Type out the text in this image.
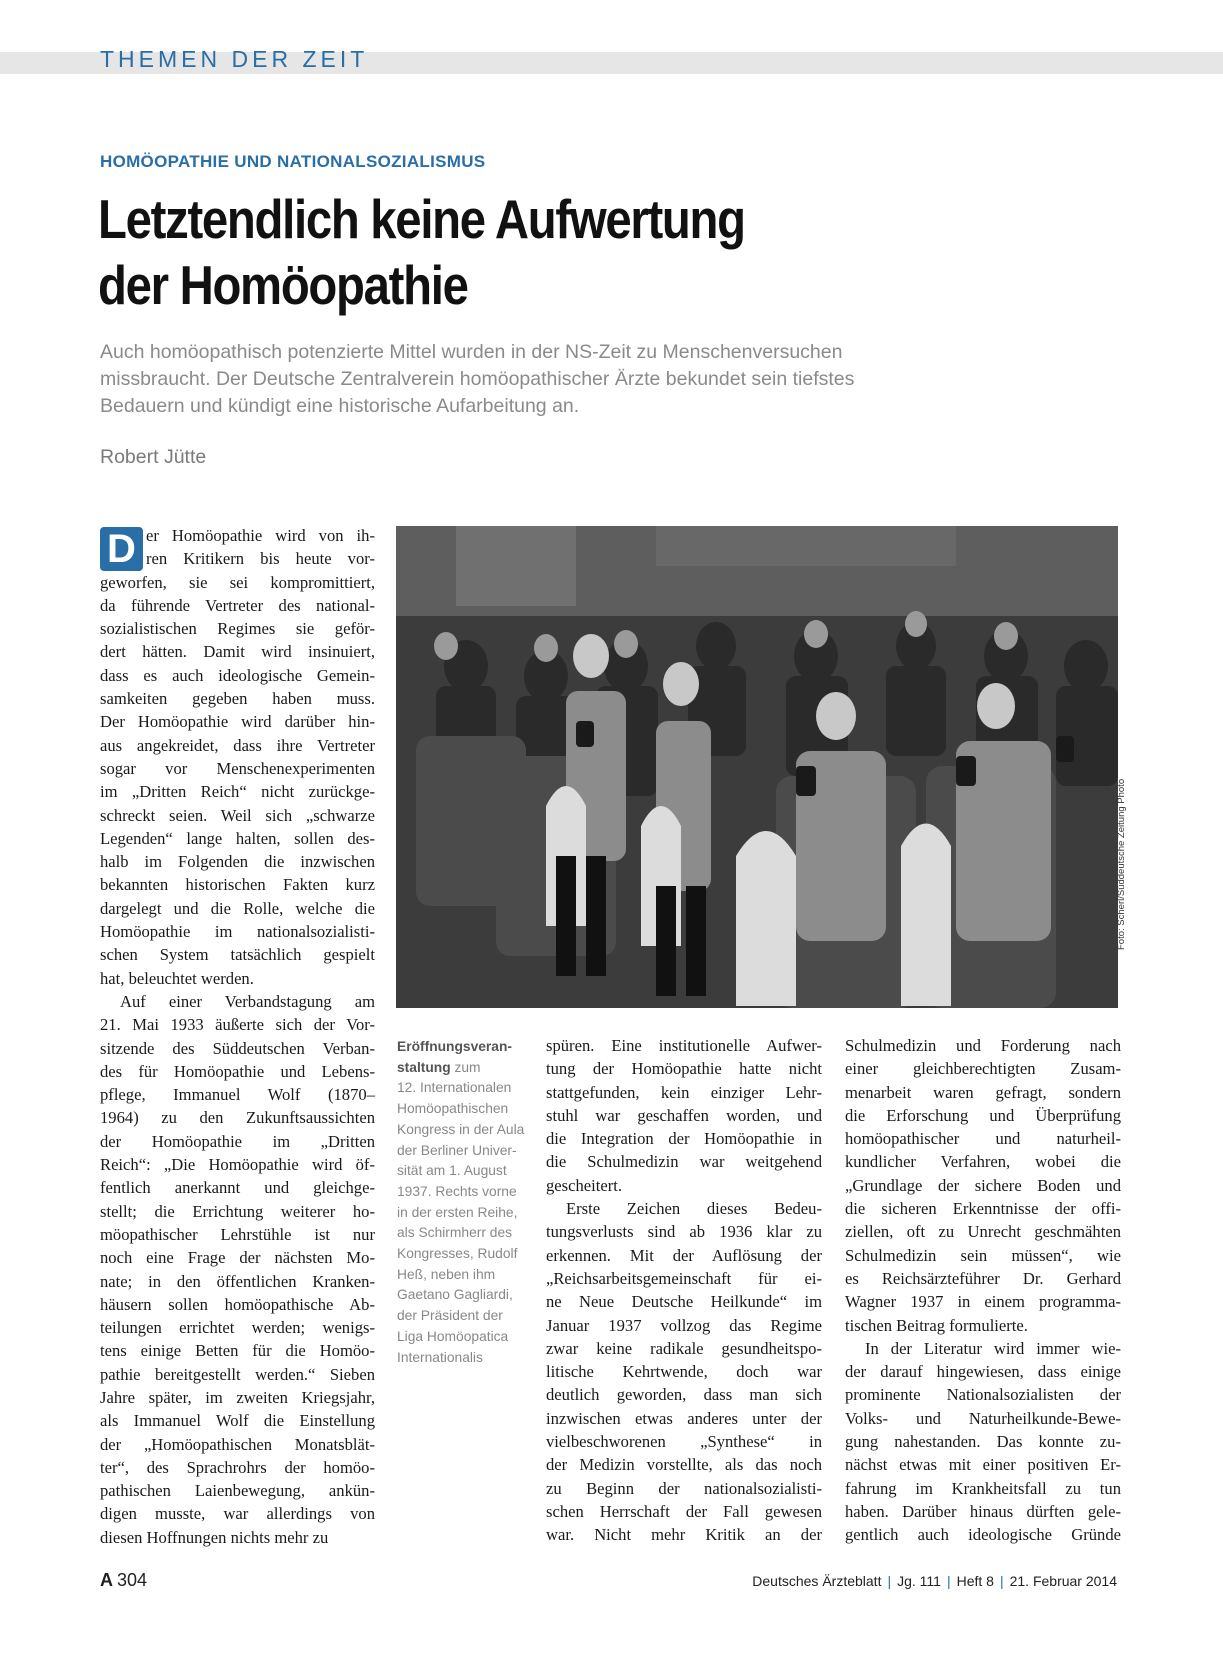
THEMEN DER ZEIT
HOMÖOPATHIE UND NATIONALSOZIALISMUS
Letztendlich keine Aufwertung
der Homöopathie
Auch homöopathisch potenzierte Mittel wurden in der NS-Zeit zu Menschenversuchen
missbraucht. Der Deutsche Zentralverein homöopathischer Ärzte bekundet sein tiefstes
Bedauern und kündigt eine historische Aufarbeitung an.
Robert Jütte
D er Homöopathie wird von ih-
ren Kritikern bis heute vor-
geworfen, sie sei kompromittiert,
da führende Vertreter des national-
sozialistischen Regimes sie geför-
dert hätten. Damit wird insinuiert,
dass es auch ideologische Gemein-
samkeiten gegeben haben muss.
Der Homöopathie wird darüber hin-
aus angekreidet, dass ihre Vertreter
sogar vor Menschenexperimenten
im „Dritten Reich“ nicht zurückge-
schreckt seien. Weil sich „schwarze
Legenden“ lange halten, sollen des-
halb im Folgenden die inzwischen
bekannten historischen Fakten kurz
dargelegt und die Rolle, welche die
Homöopathie im nationalsozialisti-
schen System tatsächlich gespielt
hat, beleuchtet werden.
Auf einer Verbandstagung am
21. Mai 1933 äußerte sich der Vor-
sitzende des Süddeutschen Verban-
des für Homöopathie und Lebens-
pflege, Immanuel Wolf (1870–
1964) zu den Zukunftsaussichten
der Homöopathie im „Dritten
Reich“: „Die Homöopathie wird öf-
fentlich anerkannt und gleichge-
stellt; die Errichtung weiterer ho-
möopathischer Lehrstühle ist nur
noch eine Frage der nächsten Mo-
nate; in den öffentlichen Kranken-
häusern sollen homöopathische Ab-
teilungen errichtet werden; wenigs-
tens einige Betten für die Homöo-
pathie bereitgestellt werden.“ Sieben
Jahre später, im zweiten Kriegsjahr,
als Immanuel Wolf die Einstellung
der „Homöopathischen Monatsblät-
ter“, des Sprachrohrs der homöo-
pathischen Laienbewegung, ankün-
digen musste, war allerdings von
diesen Hoffnungen nichts mehr zu
Foto: Scherl/Süddeutsche Zeitung Photo
Eröffnungsveran-
staltung zum
12. Internationalen
Homöopathischen
Kongress in der Aula
der Berliner Univer-
sität am 1. August
1937. Rechts vorne
in der ersten Reihe,
als Schirmherr des
Kongresses, Rudolf
Heß, neben ihm
Gaetano Gagliardi,
der Präsident der
Liga Homöopatica
Internationalis
spüren. Eine institutionelle Aufwer-
tung der Homöopathie hatte nicht
stattgefunden, kein einziger Lehr-
stuhl war geschaffen worden, und
die Integration der Homöopathie in
die Schulmedizin war weitgehend
gescheitert.
Erste Zeichen dieses Bedeu-
tungsverlusts sind ab 1936 klar zu
erkennen. Mit der Auflösung der
„Reichsarbeitsgemeinschaft für ei-
ne Neue Deutsche Heilkunde“ im
Januar 1937 vollzog das Regime
zwar keine radikale gesundheitspo-
litische Kehrtwende, doch war
deutlich geworden, dass man sich
inzwischen etwas anderes unter der
vielbeschworenen „Synthese“ in
der Medizin vorstellte, als das noch
zu Beginn der nationalsozialisti-
schen Herrschaft der Fall gewesen
war. Nicht mehr Kritik an der
Schulmedizin und Forderung nach
einer gleichberechtigten Zusam-
menarbeit waren gefragt, sondern
die Erforschung und Überprüfung
homöopathischer und naturheil-
kundlicher Verfahren, wobei die
„Grundlage der sichere Boden und
die sicheren Erkenntnisse der offi-
ziellen, oft zu Unrecht geschmähten
Schulmedizin sein müssen“, wie
es Reichsärzteführer Dr. Gerhard
Wagner 1937 in einem programma-
tischen Beitrag formulierte.
In der Literatur wird immer wie-
der darauf hingewiesen, dass einige
prominente Nationalsozialisten der
Volks- und Naturheilkunde-Bewe-
gung nahestanden. Das konnte zu-
nächst etwas mit einer positiven Er-
fahrung im Krankheitsfall zu tun
haben. Darüber hinaus dürften gele-
gentlich auch ideologische Gründe
A 304	Deutsches Ärzteblatt | Jg. 111 | Heft 8 | 21. Februar 2014
